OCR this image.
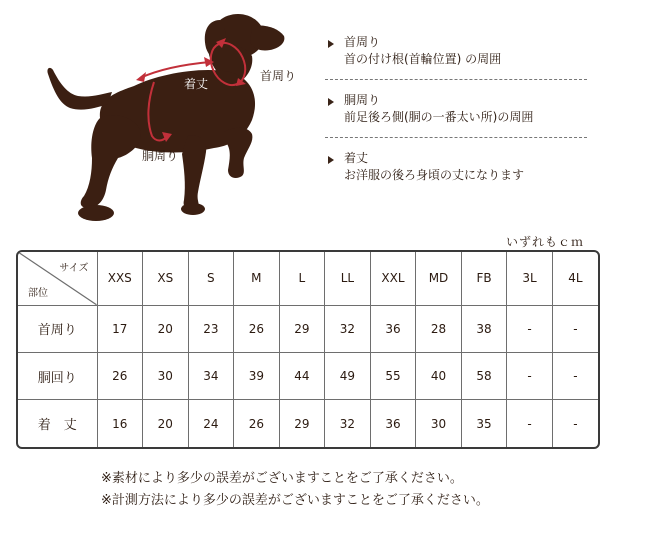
着丈
首周り
胴周り
首周り
首の付け根(首輪位置) の周囲
胴周り
前足後ろ側(胴の一番太い所)の周囲
着丈
お洋服の後ろ身頃の丈になります
いずれもｃｍ
サイズ
部位	XXS	XS	S	M	L	LL	XXL	MD	FB	3L	4L
首周り	17	20	23	26	29	32	36	28	38	-	-
胴回り	26	30	34	39	44	49	55	40	58	-	-
着　丈	16	20	24	26	29	32	36	30	35	-	-
※素材により多少の誤差がございますことをご了承ください。
※計測方法により多少の誤差がございますことをご了承ください。
